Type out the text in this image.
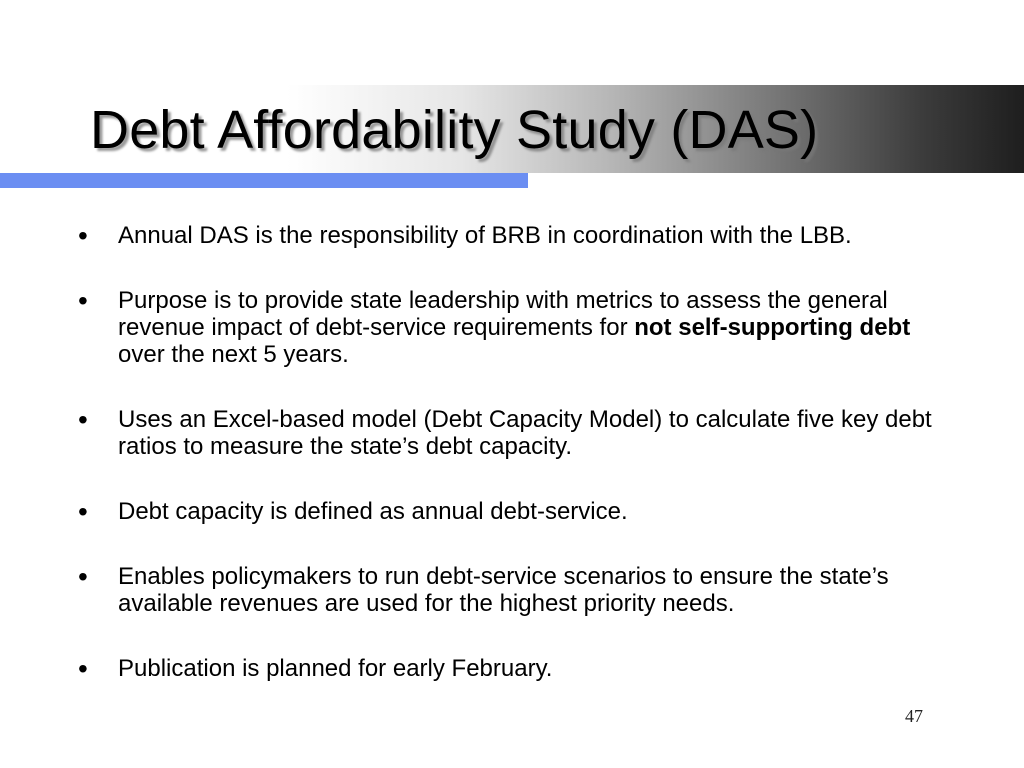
Debt Affordability Study (DAS)
• Annual DAS is the responsibility of BRB in coordination with the LBB.
• Purpose is to provide state leadership with metrics to assess the general revenue impact of debt-service requirements for not self-supporting debt over the next 5 years.
• Uses an Excel-based model (Debt Capacity Model) to calculate five key debt ratios to measure the state’s debt capacity.
• Debt capacity is defined as annual debt-service.
• Enables policymakers to run debt-service scenarios to ensure the state’s available revenues are used for the highest priority needs.
• Publication is planned for early February.
47
